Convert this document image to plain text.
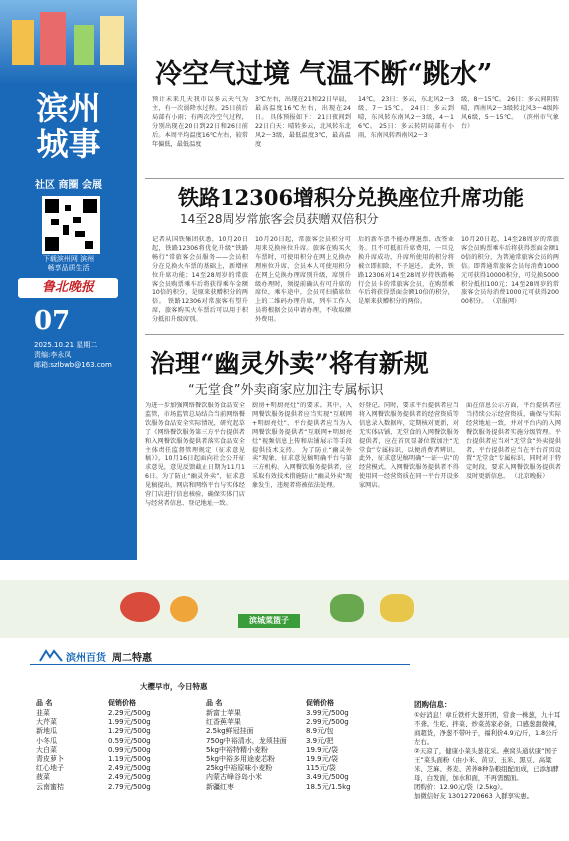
滨州
城事
社区 商圈 会展
下载滨州网 滨州
畅享品质生活
鲁北晚报
07
2025.10.21 星期二
责编:李永凤
邮箱:szlbwb@163.com
冷空气过境 气温不断“跳水”
预计未来几天我市以多云天气为主，有一次弱降水过程。25日前后局部有小雨；有两次冷空气过程，分别出现在20日到22日和26日前后。本周平均温度16℃左右，较常年偏低，最低温度
3℃左右，出现在21和22日早晨，最高温度16℃左右，出现在24日。 具体预报如下： 21日夜间到22日白天：晴转多云，北风转东北风2～3级，最低温度3℃，最高温度
14℃。 23日：多云，东北风2～3级，7～15℃。 24日：多云到晴，东风转东南风2～3级，4～16℃。 25日：多云转阴局部有小雨，东南风转西南风2～3
级，8～15℃。 26日：多云间阴转晴，西南风2～3级转北风3～4级阵风6级，5～15℃。 （滨州市气象台）
铁路12306增积分兑换座位升席功能
14至28周岁常旅客会员获赠双倍积分
记者从国铁集团获悉，10月20日起，铁路12306将优化升级“铁路畅行”常旅客会员服务——会员积分在兑换火车票的基础上，新增座位升席功能；14至28周岁的常旅客会员购票乘车后将获得乘车金额10倍的积分，是原来获赠积分的两倍。 铁路12306对常旅客有望升席，旅客购买火车票后可以用于积分抵扣升级席别。
10月20日起，常旅客会员积分可用来兑换座位升席。旅客在购买火车票时，可使用积分在网上兑换办理座位升席，会员本人可使用积分在网上兑换办理席别升级，席别升级办理时，须提前确认有可升席的席位，乘车途中，会员可扫描席位上的二维码办理升席，列车工作人员将根据会员申请办理，不收取额外费用。
后的新车票不能办理退票、改签业务。且不可抵扣升席费用，一旦兑换升席成功，升席所使用的积分将被立即扣除，不予退还。 此外，铁路12306对14至28周岁持铁路畅行会员卡的常旅客会员，在购票乘车后将获得票面金额10倍的积分，是原来获赠积分的两倍。
10月20日起，14至28周岁的常旅客会员购票乘车后将获得票面金额10倍的积分，为普通常旅客会员的两倍。即普通常旅客会员每消费1000元可获得10000积分，可兑换5000积分抵扣100元；14至28周岁的常旅客会员每消费1000元可获得20000积分。 （京报网）
治理“幽灵外卖”将有新规
“无堂食”外卖商家应加注专属标识
为进一步加强网络餐饮服务食品安全监管，市场监管总局结合当前网络餐饮服务食品安全实际情况，研究起草了《网络餐饮服务第三方平台提供者和入网餐饮服务提供者落实食品安全主体责任监督管理规定（征求意见稿）》，10月16日起面向社会公开征求意见，意见反馈截止日期为11月16日。为了防止“幽灵外卖”，征求意见稿提出，网店和网络平台与实体经营门店进行信息核验，确保实体门店与经营者信息、登记地址一致。
厨房+明厨亮灶”的要求。其中，入网餐饮服务提供者应当实现“互联网+明厨亮灶”，平台提供者应当为入网餐饮服务提供者“互联网+明厨亮灶”视频信息上传和店铺展示等手段提供技术支持。 为了防止“幽灵外卖”现象，征求意见稿明确平台与第三方机构、入网餐饮服务提供者，应采取有效技术措施防止“幽灵外卖”现象发生，违规者将被依法处理。
好登记。同时，要求平台提供者应当将入网餐饮服务提供者的经营资质等信息录入数据库，定期核对更新，对无实体店铺、无堂食的入网餐饮服务提供者，应在首页显著位置加注“无堂食”专属标识，以便消费者辨识。 此外，征求意见稿明确“一证一店”的经营模式，入网餐饮服务提供者不得使用同一经营资质在同一平台开设多家网店。
面在信息公示方面，平台提供者应当持续公示经营资质，确保与实际经营地址一致，并对平台内的入网餐饮服务提供者实施分级管理。平台提供者应当对“无堂食”外卖提供者，平台提供者应当在平台首页设置“无堂食”专属标识，同时对于特定时段，要求入网餐饮服务提供者及时更新信息。 （北京晚报）
滨城菜篮子
滨州百货 周二特惠
大樱早市，今日特惠
品 名	促销价格
韭菜	2.29元/500g
大芹菜	1.99元/500g
新地瓜	1.29元/500g
小冬瓜	0.59元/500g
大白菜	0.99元/500g
青皮萝卜	1.19元/500g
红心地子	2.49元/500g
菠菜	2.49元/500g
云南蜜桔	2.79元/500g
品 名	促销价格
新富士苹果	3.99元/500g
红香蕉苹果	2.99元/500g
2.5kg鲜冠挂面	8.9元/包
750g中裕清水，龙须挂面	3.9元/把
5kg中裕特精小麦粉	19.9元/袋
5kg中裕多用途麦芯粉	19.9元/袋
25kg中裕原味小麦粉	115元/袋
内蒙古峰谷岛小米	3.49元/500g
新疆红枣	18.5元/1.5kg
团购信息：
①好消息！章丘铁杆大葱开团，常食一株葱，九十耳不聋。生吃、拌菜、炒菜蒸家必备，口感葱甜微辣，商超货，净葱不带叶子，福利价4.9元/斤，1.8公斤左右。
②天凉了，健康小菜头葱花采。燕窝头通状康“国子王”菜头面粉（由小米、黄豆、玉米、黑豆、高粱米、芝麻、荞麦、苦荞8种杂粮组配而成，已添加酵母，白发面，加水和面，不再需醒面。
团购价：12.90元/袋（2.5kg）。
加微信好友 13012720663 入群享实惠。
